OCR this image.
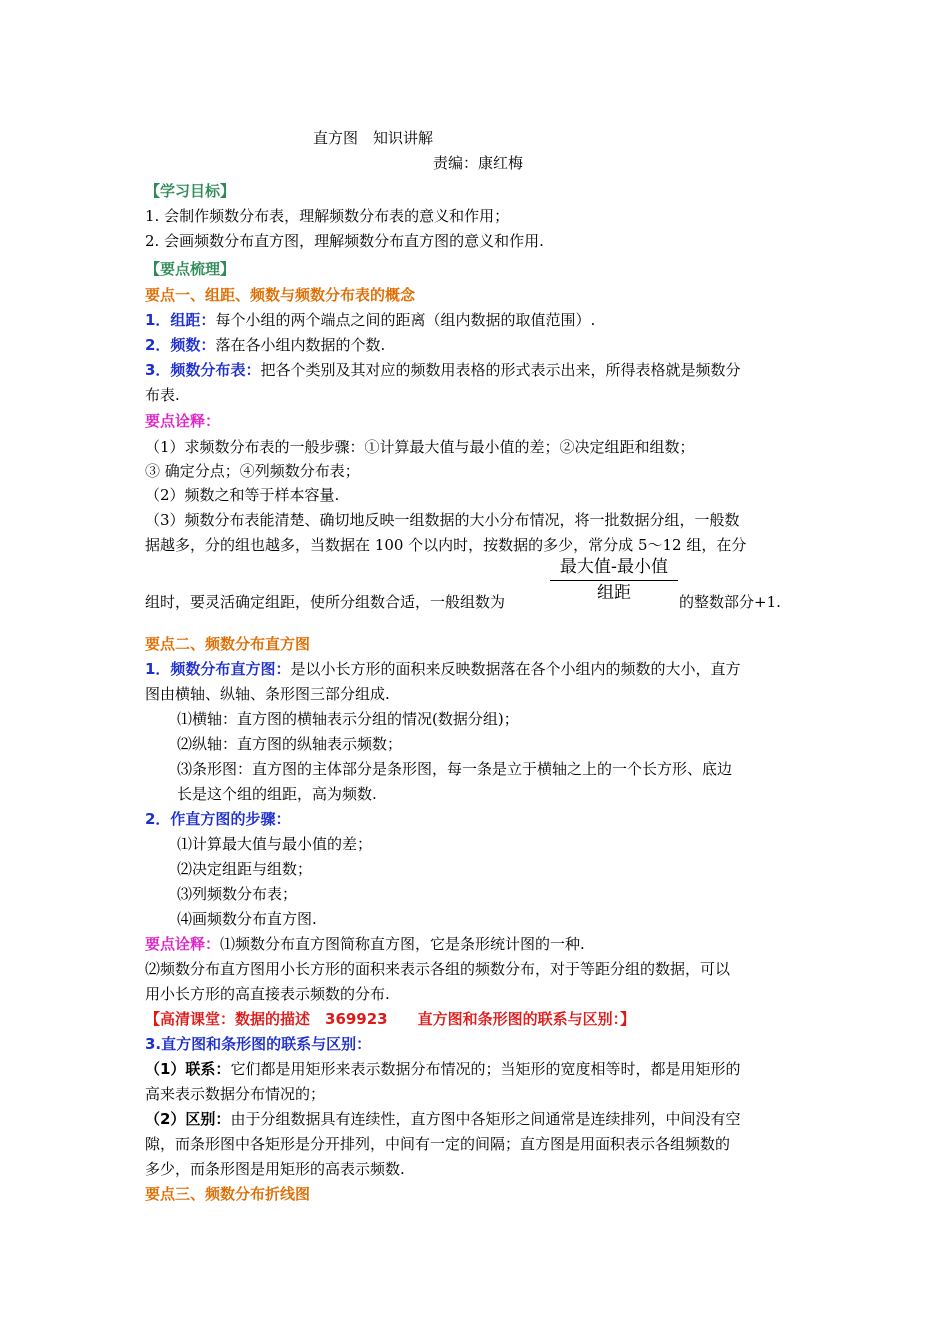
直方图　知识讲解
责编：康红梅
【学习目标】
1. 会制作频数分布表，理解频数分布表的意义和作用；
2. 会画频数分布直方图，理解频数分布直方图的意义和作用.
【要点梳理】
要点一、组距、频数与频数分布表的概念
1．组距：每个小组的两个端点之间的距离（组内数据的取值范围）.
2．频数：落在各小组内数据的个数.
3．频数分布表：把各个类别及其对应的频数用表格的形式表示出来，所得表格就是频数分
布表.
要点诠释：
（1）求频数分布表的一般步骤：①计算最大值与最小值的差；②决定组距和组数；
③ 确定分点；④列频数分布表；
（2）频数之和等于样本容量.
（3）频数分布表能清楚、确切地反映一组数据的大小分布情况，将一批数据分组，一般数
据越多，分的组也越多，当数据在 100 个以内时，按数据的多少，常分成 5～12 组，在分
组时，要灵活确定组距，使所分组数合适，一般组数为
最大值-最小值
组距	的整数部分+1.
要点二、频数分布直方图
1．频数分布直方图：是以小长方形的面积来反映数据落在各个小组内的频数的大小，直方
图由横轴、纵轴、条形图三部分组成.
⑴横轴：直方图的横轴表示分组的情况(数据分组)；
⑵纵轴：直方图的纵轴表示频数；
⑶条形图：直方图的主体部分是条形图，每一条是立于横轴之上的一个长方形、底边
长是这个组的组距，高为频数.
2．作直方图的步骤：
⑴计算最大值与最小值的差；
⑵决定组距与组数；
⑶列频数分布表；
⑷画频数分布直方图.
要点诠释：⑴频数分布直方图简称直方图，它是条形统计图的一种.
⑵频数分布直方图用小长方形的面积来表示各组的频数分布，对于等距分组的数据，可以
用小长方形的高直接表示频数的分布.
【高清课堂：数据的描述　369923　　直方图和条形图的联系与区别：】
3.直方图和条形图的联系与区别：
（1）联系：它们都是用矩形来表示数据分布情况的；当矩形的宽度相等时，都是用矩形的
高来表示数据分布情况的；
（2）区别：由于分组数据具有连续性，直方图中各矩形之间通常是连续排列，中间没有空
隙，而条形图中各矩形是分开排列，中间有一定的间隔；直方图是用面积表示各组频数的
多少，而条形图是用矩形的高表示频数.
要点三、频数分布折线图
